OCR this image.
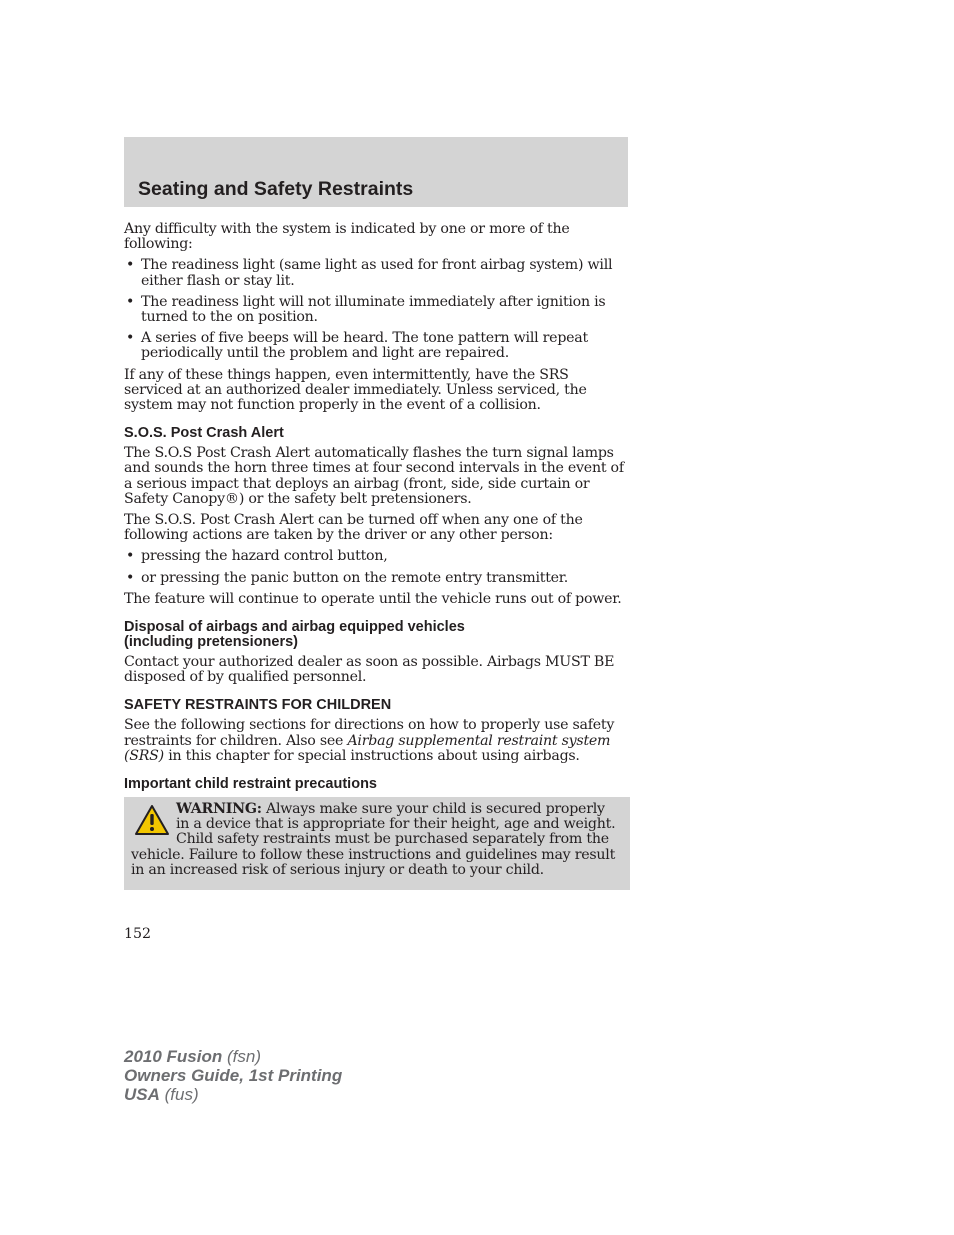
Seating and Safety Restraints

Any difficulty with the system is indicated by one or more of the following:

• The readiness light (same light as used for front airbag system) will either flash or stay lit.
• The readiness light will not illuminate immediately after ignition is turned to the on position.
• A series of five beeps will be heard. The tone pattern will repeat periodically until the problem and light are repaired.

If any of these things happen, even intermittently, have the SRS serviced at an authorized dealer immediately. Unless serviced, the system may not function properly in the event of a collision.

S.O.S. Post Crash Alert

The S.O.S Post Crash Alert automatically flashes the turn signal lamps and sounds the horn three times at four second intervals in the event of a serious impact that deploys an airbag (front, side, side curtain or Safety Canopy®) or the safety belt pretensioners.

The S.O.S. Post Crash Alert can be turned off when any one of the following actions are taken by the driver or any other person:

• pressing the hazard control button,
• or pressing the panic button on the remote entry transmitter.

The feature will continue to operate until the vehicle runs out of power.

Disposal of airbags and airbag equipped vehicles
(including pretensioners)

Contact your authorized dealer as soon as possible. Airbags MUST BE disposed of by qualified personnel.

SAFETY RESTRAINTS FOR CHILDREN

See the following sections for directions on how to properly use safety restraints for children. Also see Airbag supplemental restraint system (SRS) in this chapter for special instructions about using airbags.

Important child restraint precautions
WARNING: Always make sure your child is secured properly in a device that is appropriate for their height, age and weight. Child safety restraints must be purchased separately from the vehicle. Failure to follow these instructions and guidelines may result in an increased risk of serious injury or death to your child.

152

2010 Fusion (fsn)
Owners Guide, 1st Printing
USA (fus)
